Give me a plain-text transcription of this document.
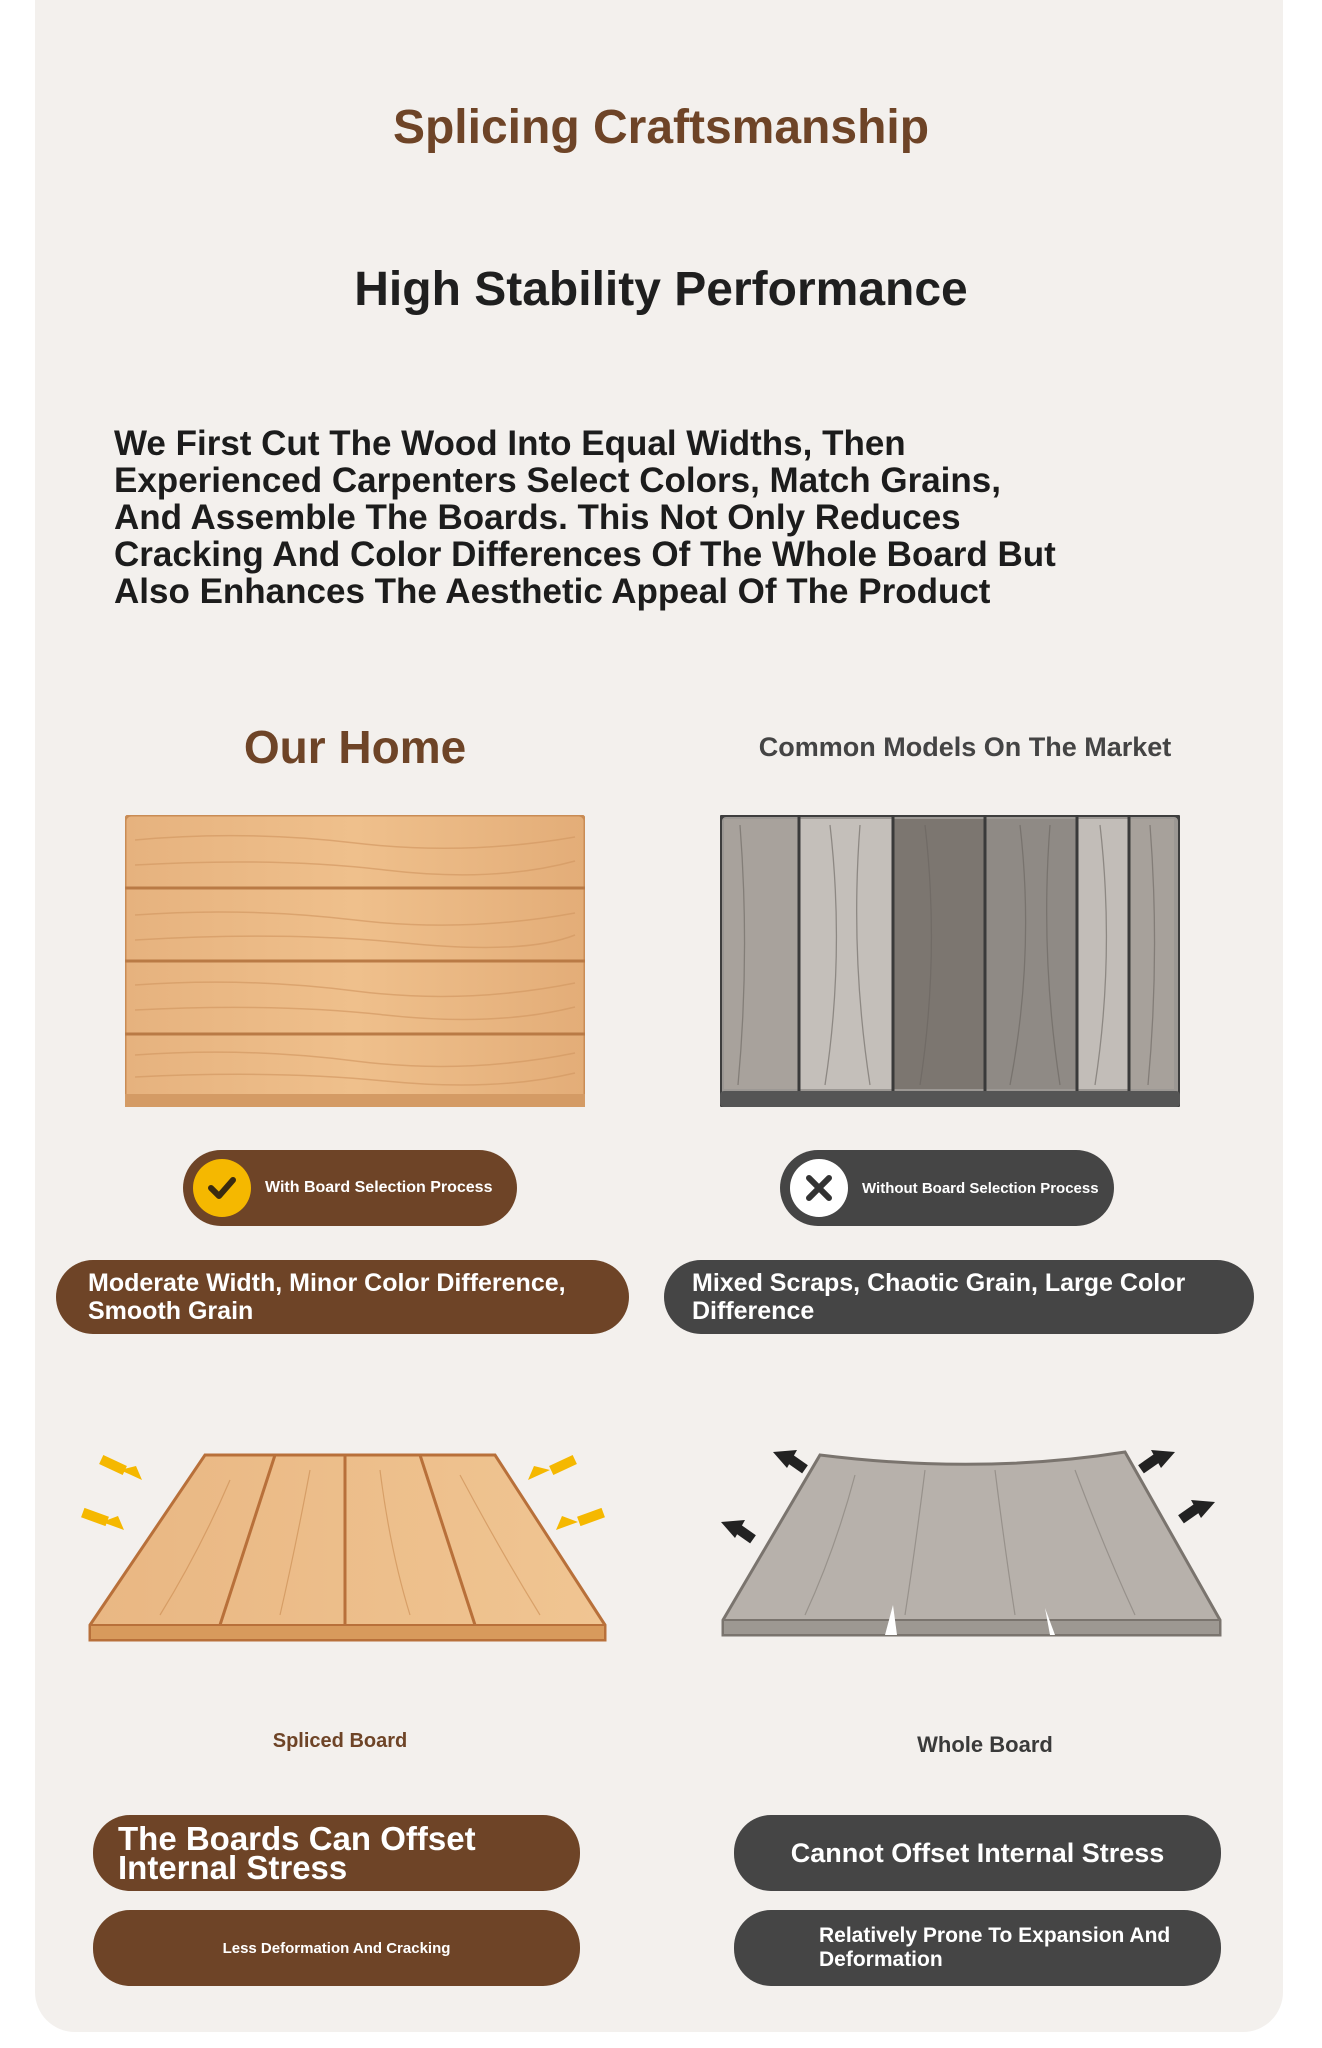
Splicing Craftsmanship
High Stability Performance
We First Cut The Wood Into Equal Widths, Then Experienced Carpenters Select Colors, Match Grains, And Assemble The Boards. This Not Only Reduces Cracking And Color Differences Of The Whole Board But Also Enhances The Aesthetic Appeal Of The Product
Our Home	Common Models On The Market
With Board Selection Process	Without Board Selection Process
Moderate Width, Minor Color Difference, Smooth Grain
Mixed Scraps, Chaotic Grain, Large Color Difference
Spliced Board	Whole Board
The Boards Can Offset Internal Stress
Less Deformation And Cracking
Cannot Offset Internal Stress
Relatively Prone To Expansion And Deformation
